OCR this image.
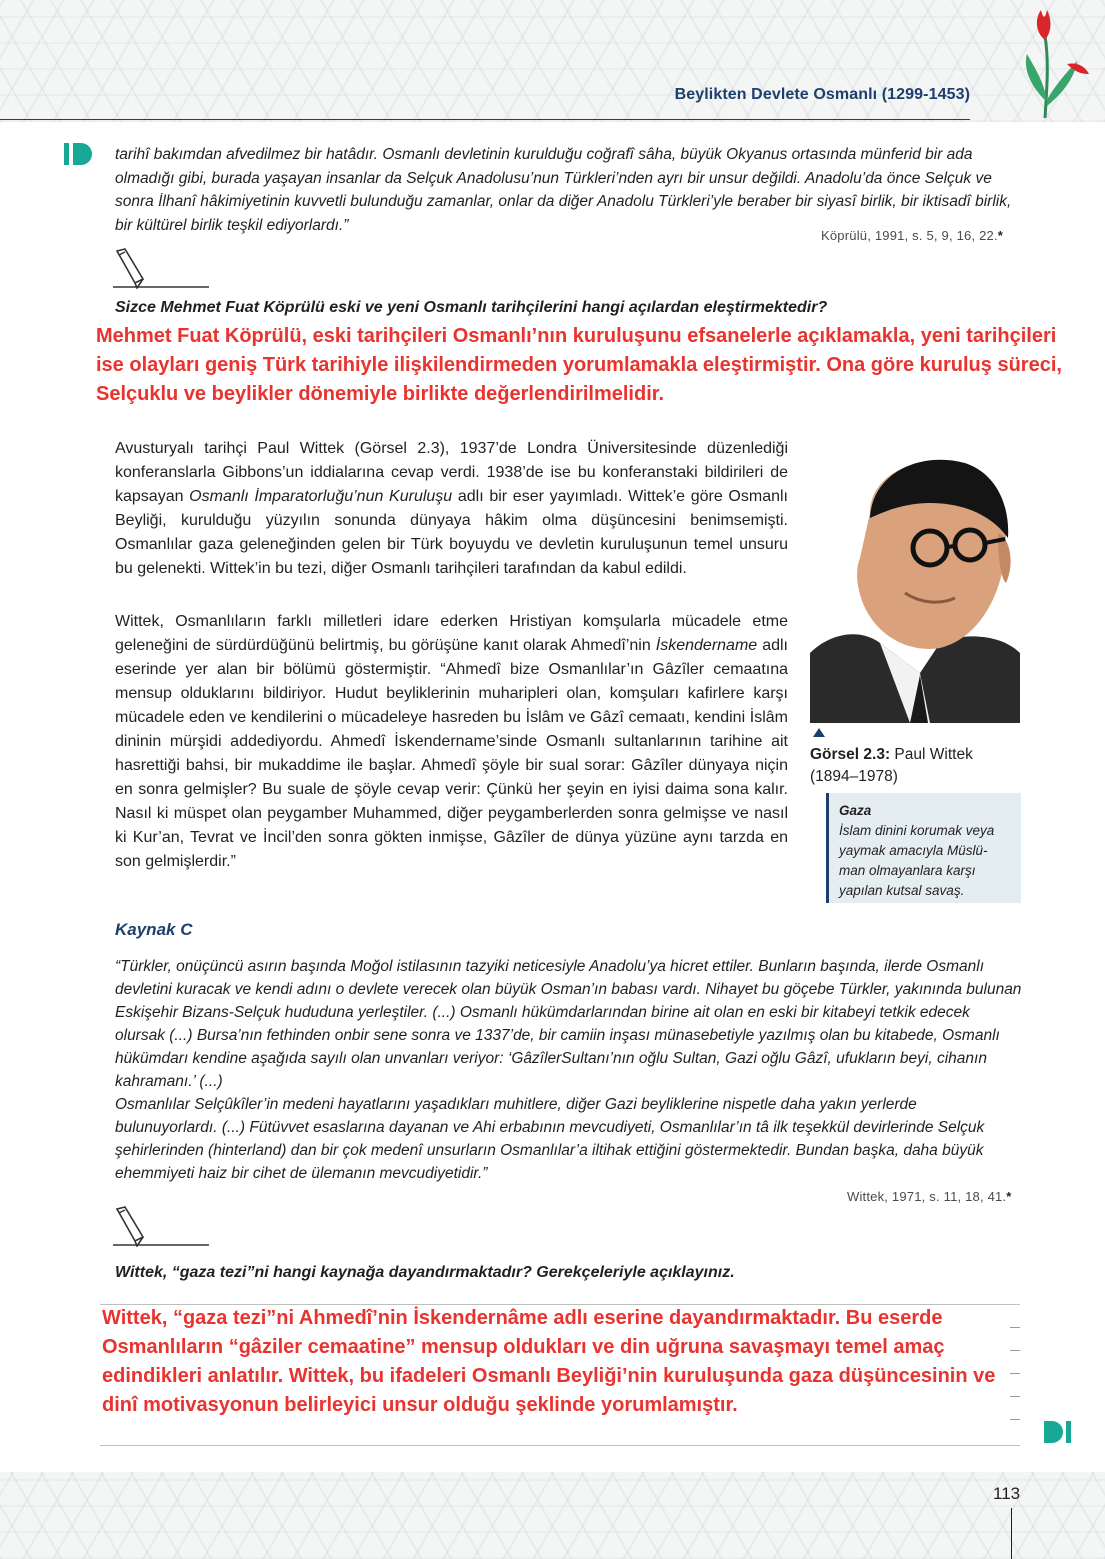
Beylikten Devlete Osmanlı (1299-1453)

tarihî bakımdan afvedilmez bir hatâdır. Osmanlı devletinin kurulduğu coğrafî sâha, büyük Okyanus ortasında münferid bir ada olmadığı gibi, burada yaşayan insanlar da Selçuk Anadolusu’nun Türkleri’nden ayrı bir unsur değildi. Anadolu’da önce Selçuk ve sonra İlhanî hâkimiyetinin kuvvetli bulunduğu zamanlar, onlar da diğer Anadolu Türkleri’yle beraber bir siyasî birlik, bir iktisadî birlik, bir kültürel birlik teşkil ediyorlardı.”

Köprülü, 1991, s. 5, 9, 16, 22.*
Sizce Mehmet Fuat Köprülü eski ve yeni Osmanlı tarihçilerini hangi açılardan eleştirmektedir?

Mehmet Fuat Köprülü, eski tarihçileri Osmanlı’nın kuruluşunu efsanelerle açıklamakla, yeni tarihçileri ise olayları geniş Türk tarihiyle ilişkilendirmeden yorumlamakla eleştirmiştir. Ona göre kuruluş süreci, Selçuklu ve beylikler dönemiyle birlikte değerlendirilmelidir.

Avusturyalı tarihçi Paul Wittek (Görsel 2.3), 1937’de Londra Üniversitesinde düzenlediği konferanslarla Gibbons’un iddialarına cevap verdi. 1938’de ise bu konferanstaki bildirileri de kapsayan Osmanlı İmparatorluğu’nun Kuruluşu adlı bir eser yayımladı. Wittek’e göre Osmanlı Beyliği, kurulduğu yüzyılın sonunda dünyaya hâkim olma düşüncesini benimsemişti. Osmanlılar gaza geleneğinden gelen bir Türk boyuydu ve devletin kuruluşunun temel unsuru bu gelenekti. Wittek’in bu tezi, diğer Osmanlı tarihçileri tarafından da kabul edildi.

Wittek, Osmanlıların farklı milletleri idare ederken Hristiyan komşularla mücadele etme geleneğini de sürdürdüğünü belirtmiş, bu görüşüne kanıt olarak Ahmedî’nin İskendername adlı eserinde yer alan bir bölümü göstermiştir. “Ahmedî bize Osmanlılar’ın Gâzîler cemaatına mensup olduklarını bildiriyor. Hudut beyliklerinin muharipleri olan, komşuları kafirlere karşı mücadele eden ve kendilerini o mücadeleye hasreden bu İslâm ve Gâzî cemaatı, kendini İslâm dininin mürşidi addediyordu. Ahmedî İskendername’sinde Osmanlı sultanlarının tarihine ait hasrettiği bahsi, bir mukaddime ile başlar. Ahmedî şöyle bir sual sorar: Gâzîler dünyaya niçin en sonra gelmişler? Bu suale de şöyle cevap verir: Çünkü her şeyin en iyisi daima sona kalır. Nasıl ki müspet olan peygamber Muhammed, diğer peygamberlerden sonra gelmişse ve nasıl ki Kur’an, Tevrat ve İncil’den sonra gökten inmişse, Gâzîler de dünya yüzüne aynı tarzda en son gelmişlerdir.”

Görsel 2.3: Paul Wittek (1894–1978)
Gaza
İslam dinini korumak veya yaymak amacıyla Müslü-man olmayanlara karşı yapılan kutsal savaş.
Kaynak C
“Türkler, onüçüncü asırın başında Moğol istilasının tazyiki neticesiyle Anadolu’ya hicret ettiler. Bunların başında, ilerde Osmanlı devletini kuracak ve kendi adını o devlete verecek olan büyük Osman’ın babası vardı. Nihayet bu göçebe Türkler, yakınında bulunan Eskişehir Bizans-Selçuk hududuna yerleştiler. (...) Osmanlı hükümdarlarından birine ait olan en eski bir kitabeyi tetkik edecek olursak (...) Bursa’nın fethinden onbir sene sonra ve 1337’de, bir camiin inşası münasebetiyle yazılmış olan bu kitabede, Osmanlı hükümdarı kendine aşağıda sayılı olan unvanları veriyor: ‘GâzîlerSultanı’nın oğlu Sultan, Gazi oğlu Gâzî, ufukların beyi, cihanın kahramanı.’ (...)
Osmanlılar Selçûkîler’in medeni hayatlarını yaşadıkları muhitlere, diğer Gazi beyliklerine nispetle daha yakın yerlerde bulunuyorlardı. (...) Fütüvvet esaslarına dayanan ve Ahi erbabının mevcudiyeti, Osmanlılar’ın tâ ilk teşekkül devirlerinde Selçuk şehirlerinden (hinterland) dan bir çok medenî unsurların Osmanlılar’a iltihak ettiğini göstermektedir. Bundan başka, daha büyük ehemmiyeti haiz bir cihet de ülemanın mevcudiyetidir.”
Wittek, 1971, s. 11, 18, 41.*
Wittek, “gaza tezi”ni hangi kaynağa dayandırmaktadır? Gerekçeleriyle açıklayınız.

Wittek, “gaza tezi”ni Ahmedî’nin İskendernâme adlı eserine dayandırmaktadır. Bu eserde Osmanlıların “gâziler cemaatine” mensup oldukları ve din uğruna savaşmayı temel amaç edindikleri anlatılır. Wittek, bu ifadeleri Osmanlı Beyliği’nin kuruluşunda gaza düşüncesinin ve dinî motivasyonun belirleyici unsur olduğu şeklinde yorumlamıştır.

113
